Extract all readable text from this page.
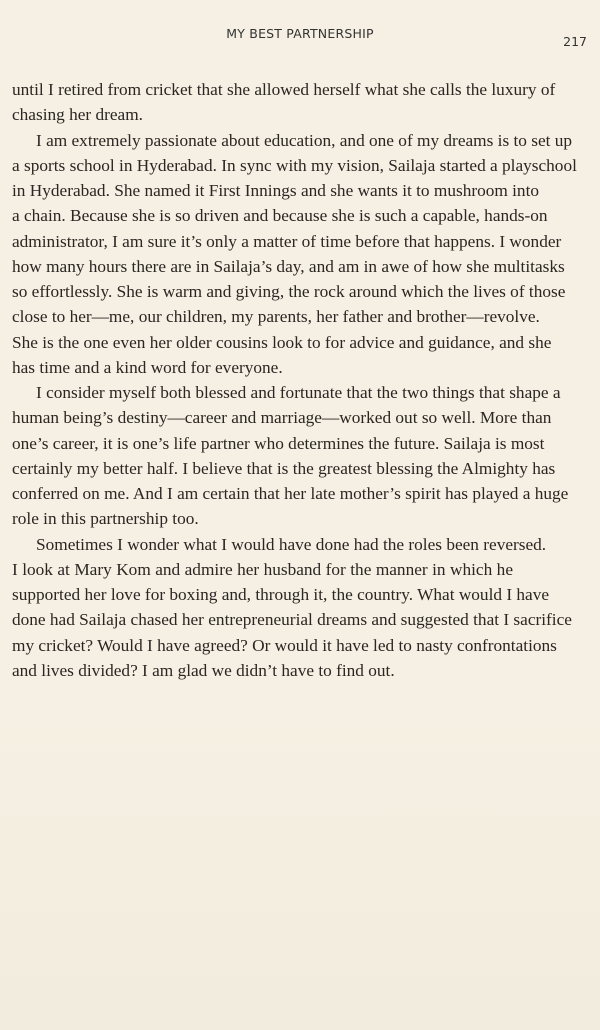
MY BEST PARTNERSHIP
217
until I retired from cricket that she allowed herself what she calls the luxury of
chasing her dream.
I am extremely passionate about education, and one of my dreams is to set up
a sports school in Hyderabad. In sync with my vision, Sailaja started a playschool
in Hyderabad. She named it First Innings and she wants it to mushroom into
a chain. Because she is so driven and because she is such a capable, hands-on
administrator, I am sure it’s only a matter of time before that happens. I wonder
how many hours there are in Sailaja’s day, and am in awe of how she multitasks
so effortlessly. She is warm and giving, the rock around which the lives of those
close to her—me, our children, my parents, her father and brother—revolve.
She is the one even her older cousins look to for advice and guidance, and she
has time and a kind word for everyone.
I consider myself both blessed and fortunate that the two things that shape a
human being’s destiny—career and marriage—worked out so well. More than
one’s career, it is one’s life partner who determines the future. Sailaja is most
certainly my better half. I believe that is the greatest blessing the Almighty has
conferred on me. And I am certain that her late mother’s spirit has played a huge
role in this partnership too.
Sometimes I wonder what I would have done had the roles been reversed.
I look at Mary Kom and admire her husband for the manner in which he
supported her love for boxing and, through it, the country. What would I have
done had Sailaja chased her entrepreneurial dreams and suggested that I sacrifice
my cricket? Would I have agreed? Or would it have led to nasty confrontations
and lives divided? I am glad we didn’t have to find out.
